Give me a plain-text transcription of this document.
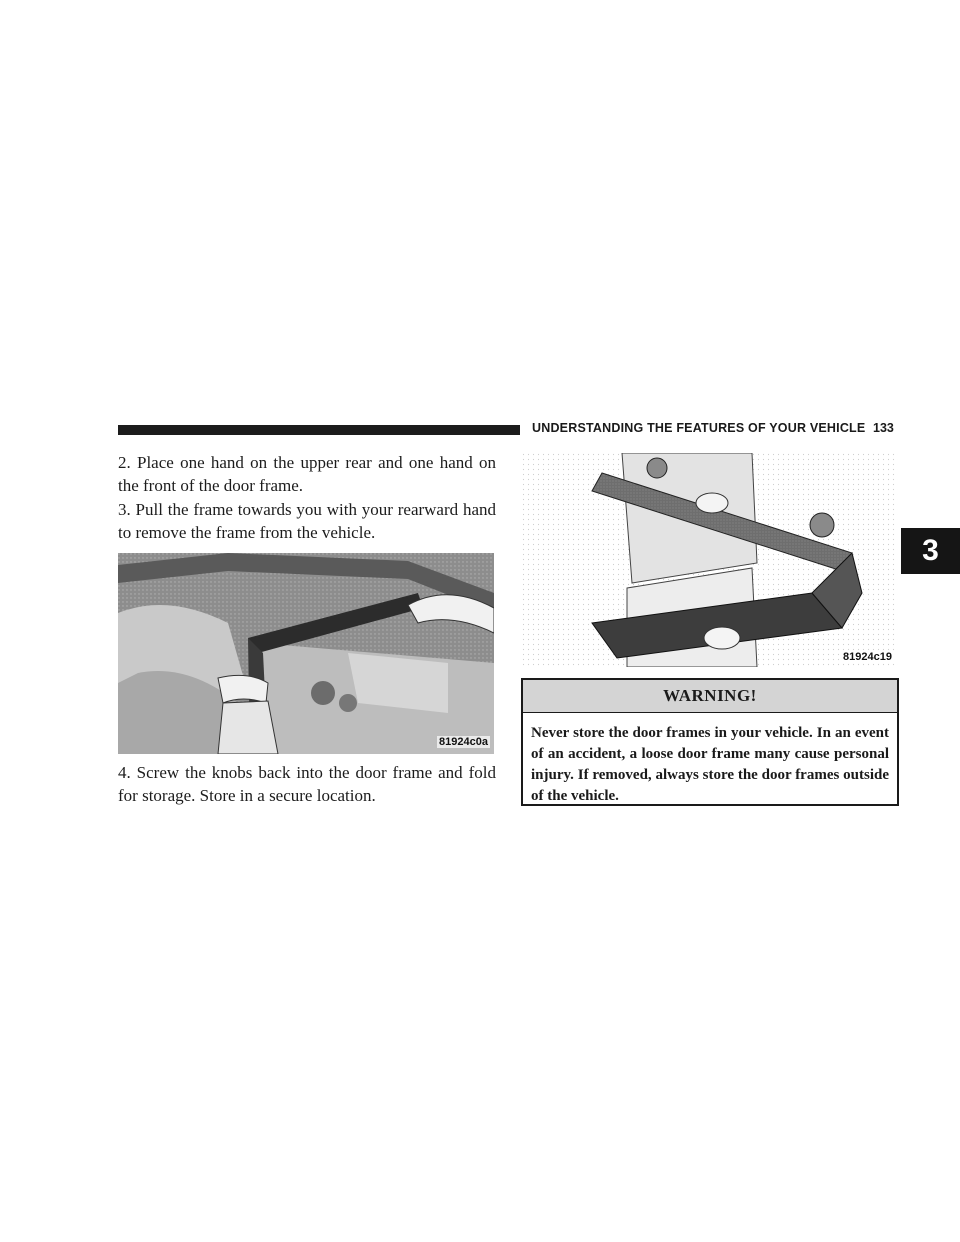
UNDERSTANDING THE FEATURES OF YOUR VEHICLE 133
3

2. Place one hand on the upper rear and one hand on the front of the door frame.

3. Pull the frame towards you with your rearward hand to remove the frame from the vehicle.

81924c0a

4. Screw the knobs back into the door frame and fold for storage. Store in a secure location.

81924c19
WARNING!
Never store the door frames in your vehicle. In an event of an accident, a loose door frame many cause personal injury. If removed, always store the door frames outside of the vehicle.
